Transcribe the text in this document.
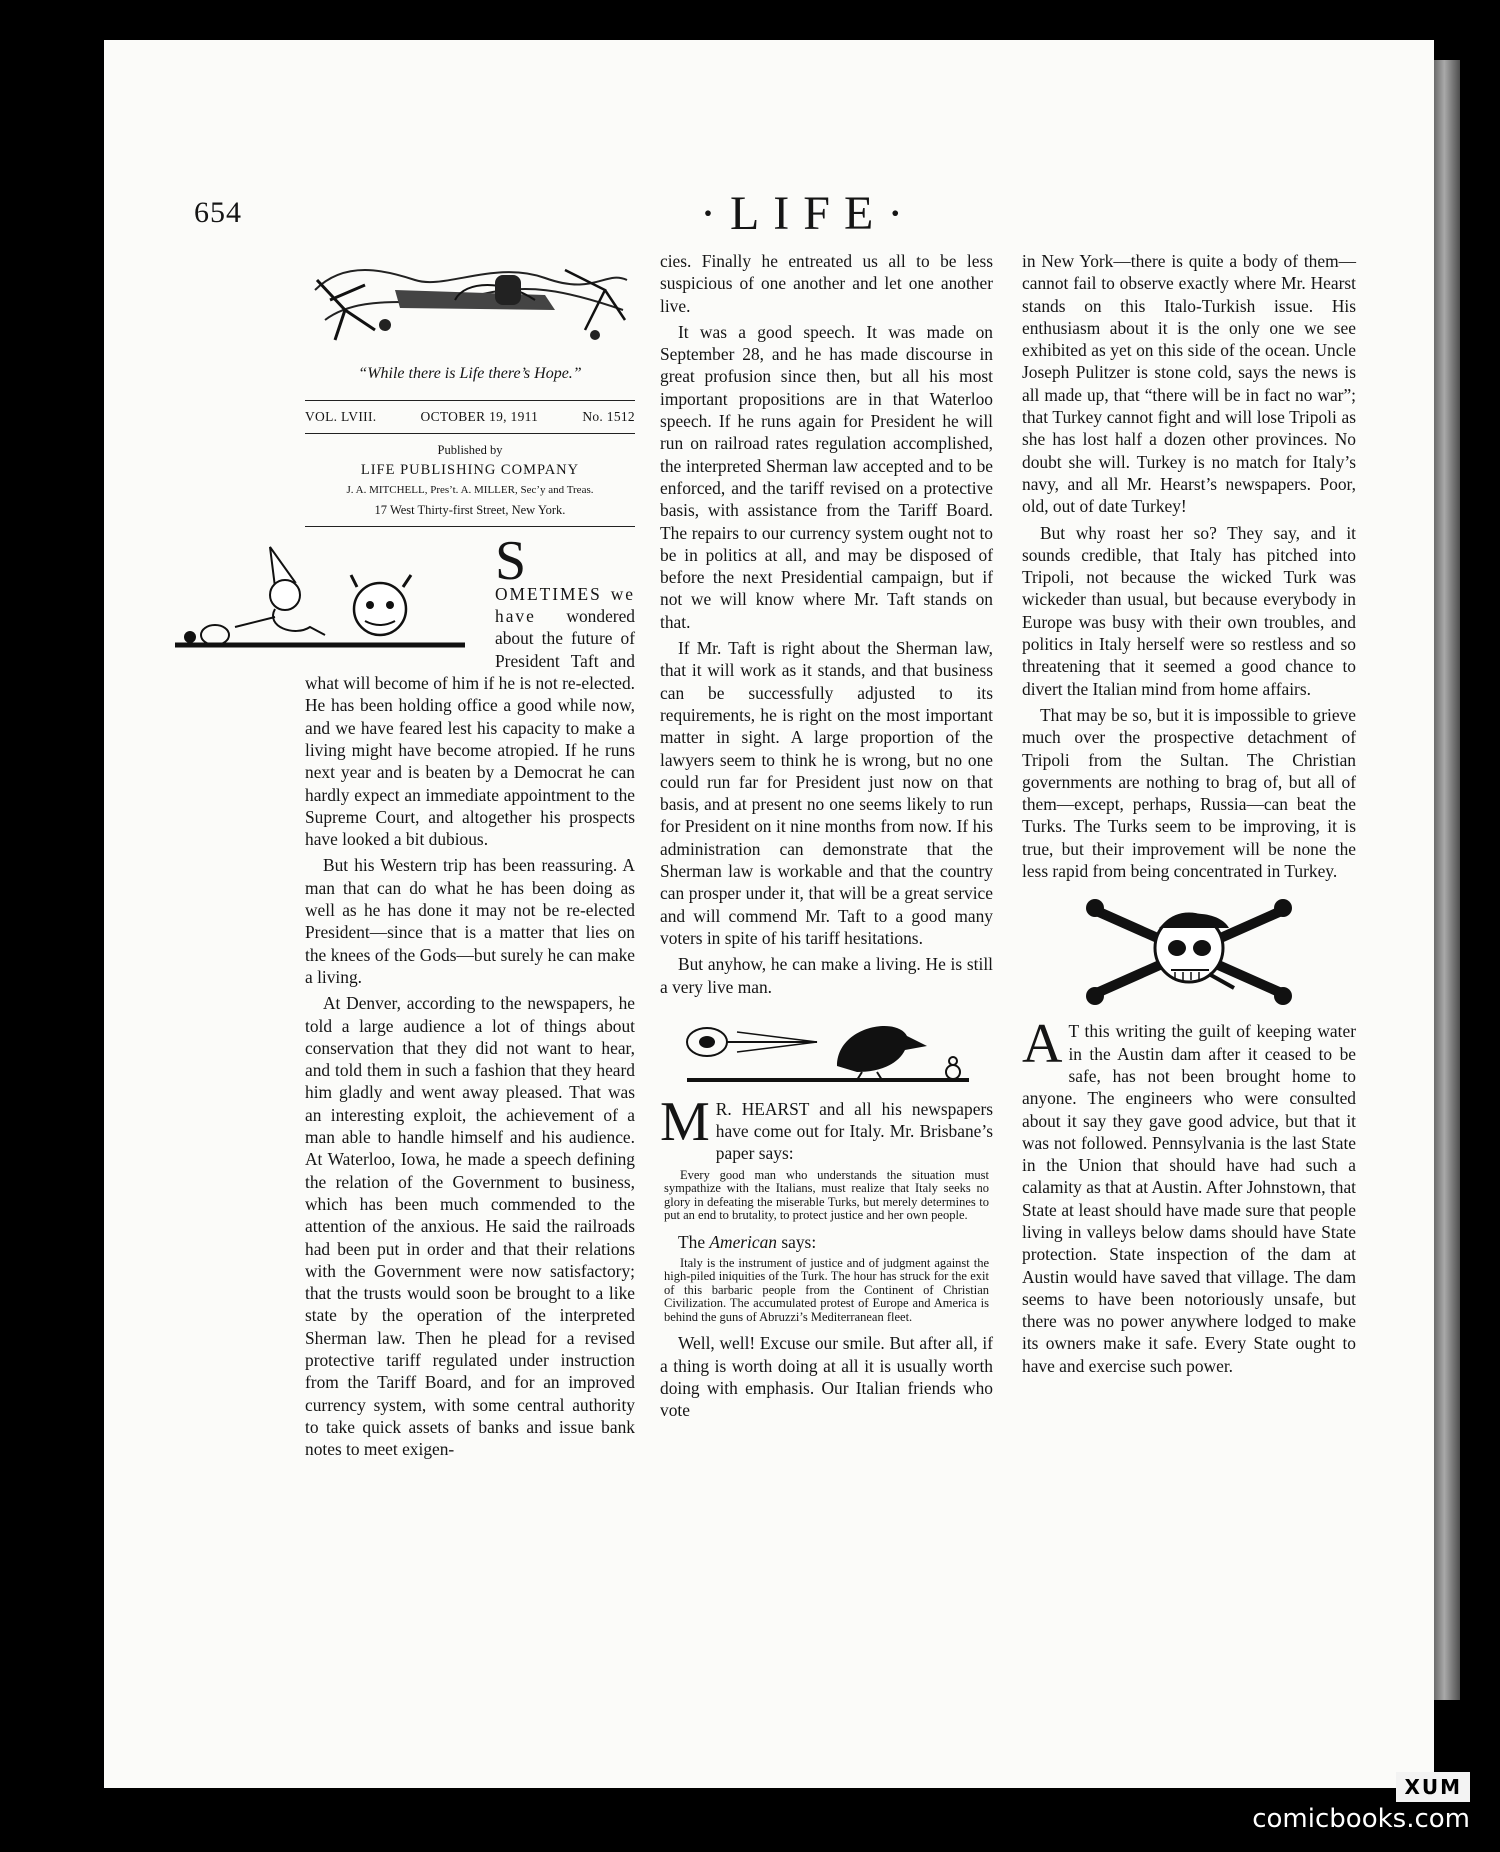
654	·LIFE·
“While there is Life there’s Hope.”
VOL. LVIII.	OCTOBER 19, 1911	No. 1512
Published by
LIFE PUBLISHING COMPANY
J. A. MITCHELL, Pres’t. A. MILLER, Sec’y and Treas.
17 West Thirty-first Street, New York.

S
OMETIMES we have wondered about the future of President Taft and what will become of him if he is not re-elected. He has been holding office a good while now, and we have feared lest his capacity to make a living might have become atropied. If he runs next year and is beaten by a Democrat he can hardly expect an immediate appointment to the Supreme Court, and altogether his prospects have looked a bit dubious.

But his Western trip has been reassuring. A man that can do what he has been doing as well as he has done it may not be re-elected President—since that is a matter that lies on the knees of the Gods—but surely he can make a living.

At Denver, according to the newspapers, he told a large audience a lot of things about conservation that they did not want to hear, and told them in such a fashion that they heard him gladly and went away pleased. That was an interesting exploit, the achievement of a man able to handle himself and his audience. At Waterloo, Iowa, he made a speech defining the relation of the Government to business, which has been much commended to the attention of the anxious. He said the railroads had been put in order and that their relations with the Government were now satisfactory; that the trusts would soon be brought to a like state by the operation of the interpreted Sherman law. Then he plead for a revised protective tariff regulated under instruction from the Tariff Board, and for an improved currency system, with some central authority to take quick assets of banks and issue bank notes to meet exigen-

cies. Finally he entreated us all to be less suspicious of one another and let one another live.

It was a good speech. It was made on September 28, and he has made discourse in great profusion since then, but all his most important propositions are in that Waterloo speech. If he runs again for President he will run on railroad rates regulation accomplished, the interpreted Sherman law accepted and to be enforced, and the tariff revised on a protective basis, with assistance from the Tariff Board. The repairs to our currency system ought not to be in politics at all, and may be disposed of before the next Presidential campaign, but if not we will know where Mr. Taft stands on that.

If Mr. Taft is right about the Sherman law, that it will work as it stands, and that business can be successfully adjusted to its requirements, he is right on the most important matter in sight. A large proportion of the lawyers seem to think he is wrong, but no one could run far for President just now on that basis, and at present no one seems likely to run for President on it nine months from now. If his administration can demonstrate that the Sherman law is workable and that the country can prosper under it, that will be a great service and will commend Mr. Taft to a good many voters in spite of his tariff hesitations.

But anyhow, he can make a living. He is still a very live man.

M R. HEARST and all his newspapers have come out for Italy. Mr. Brisbane’s paper says:

Every good man who understands the situation must sympathize with the Italians, must realize that Italy seeks no glory in defeating the miserable Turks, but merely determines to put an end to brutality, to protect justice and her own people.

The American says:

Italy is the instrument of justice and of judgment against the high-piled iniquities of the Turk. The hour has struck for the exit of this barbaric people from the Continent of Christian Civilization. The accumulated protest of Europe and America is behind the guns of Abruzzi’s Mediterranean fleet.

Well, well! Excuse our smile. But after all, if a thing is worth doing at all it is usually worth doing with emphasis. Our Italian friends who vote

in New York—there is quite a body of them—cannot fail to observe exactly where Mr. Hearst stands on this Italo-Turkish issue. His enthusiasm about it is the only one we see exhibited as yet on this side of the ocean. Uncle Joseph Pulitzer is stone cold, says the news is all made up, that “there will be in fact no war”; that Turkey cannot fight and will lose Tripoli as she has lost half a dozen other provinces. No doubt she will. Turkey is no match for Italy’s navy, and all Mr. Hearst’s newspapers. Poor, old, out of date Turkey!

But why roast her so? They say, and it sounds credible, that Italy has pitched into Tripoli, not because the wicked Turk was wickeder than usual, but because everybody in Europe was busy with their own troubles, and politics in Italy herself were so restless and so threatening that it seemed a good chance to divert the Italian mind from home affairs.

That may be so, but it is impossible to grieve much over the prospective detachment of Tripoli from the Sultan. The Christian governments are nothing to brag of, but all of them—except, perhaps, Russia—can beat the Turks. The Turks seem to be improving, it is true, but their improvement will be none the less rapid from being concentrated in Turkey.

A T this writing the guilt of keeping water in the Austin dam after it ceased to be safe, has not been brought home to anyone. The engineers who were consulted about it say they gave good advice, but that it was not followed. Pennsylvania is the last State in the Union that should have had such a calamity as that at Austin. After Johnstown, that State at least should have made sure that people living in valleys below dams should have State protection. State inspection of the dam at Austin would have saved that village. The dam seems to have been notoriously unsafe, but there was no power anywhere lodged to make its owners make it safe. Every State ought to have and exercise such power.

XUM
comicbooks.com
